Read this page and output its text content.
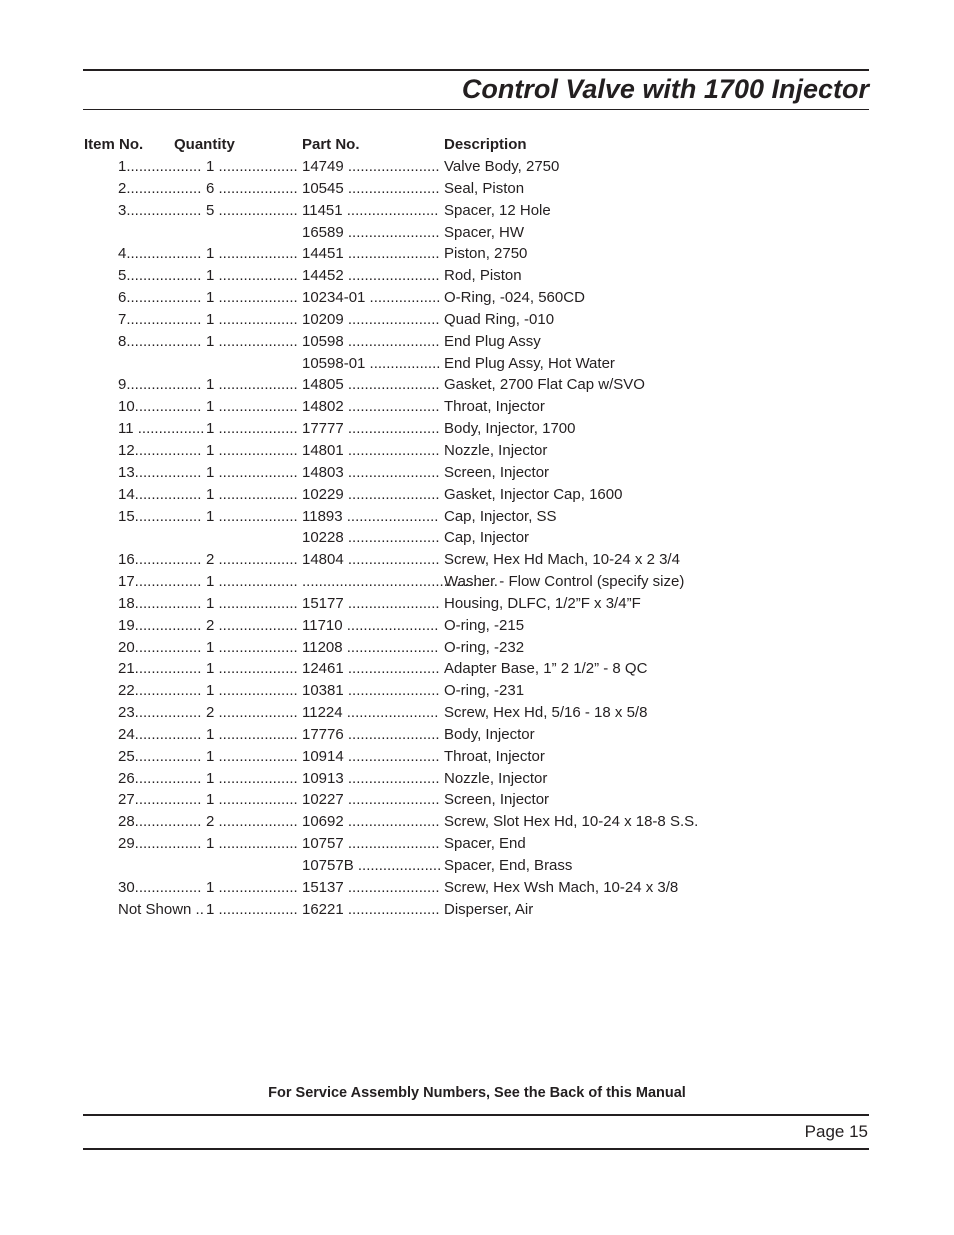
Control Valve with 1700 Injector
Item No. Quantity	Part No.	Description
1.................. 1 ................... 14749 ...................... Valve Body, 2750
2.................. 6 ................... 10545 ...................... Seal, Piston
3.................. 5 ................... 11451 ...................... Spacer, 12 Hole
16589 ...................... Spacer, HW
4.................. 1 ................... 14451 ...................... Piston, 2750
5.................. 1 ................... 14452 ...................... Rod, Piston
6.................. 1 ................... 10234-01 ................. O-Ring, -024, 560CD
7.................. 1 ................... 10209 ...................... Quad Ring, -010
8.................. 1 ................... 10598 ...................... End Plug Assy
10598-01 ................. End Plug Assy, Hot Water
9.................. 1 ................... 14805 ...................... Gasket, 2700 Flat Cap w/SVO
10................ 1 ................... 14802 ...................... Throat, Injector
11 ................ 1 ................... 17777 ...................... Body, Injector, 1700
12................ 1 ................... 14801 ...................... Nozzle, Injector
13................ 1 ................... 14803 ...................... Screen, Injector
14................ 1 ................... 10229 ...................... Gasket, Injector Cap, 1600
15................ 1 ................... 11893 ...................... Cap, Injector, SS
10228 ...................... Cap, Injector
16................ 2 ................... 14804 ...................... Screw, Hex Hd Mach, 10-24 x 2 3/4
17................ 1 ................... ...............................................
Washer - Flow Control (specify size)
18................ 1 ................... 15177 ...................... Housing, DLFC, 1/2”F x 3/4”F
19................ 2 ................... 11710 ...................... O-ring, -215
20................ 1 ................... 11208 ...................... O-ring, -232
21................ 1 ................... 12461 ...................... Adapter Base, 1” 2 1/2” - 8 QC
22................ 1 ................... 10381 ...................... O-ring, -231
23................ 2 ................... 11224 ...................... Screw, Hex Hd, 5/16 - 18 x 5/8
24................ 1 ................... 17776 ...................... Body, Injector
25................ 1 ................... 10914 ...................... Throat, Injector
26................ 1 ................... 10913 ...................... Nozzle, Injector
27................ 1 ................... 10227 ...................... Screen, Injector
28................ 2 ................... 10692 ...................... Screw, Slot Hex Hd, 10-24 x 18-8 S.S.
29................ 1 ................... 10757 ...................... Spacer, End
10757B .................... Spacer, End, Brass
30................ 1 ................... 15137 ...................... Screw, Hex Wsh Mach, 10-24 x 3/8
Not Shown .. 1 ................... 16221 ...................... Disperser, Air
For Service Assembly Numbers, See the Back of this Manual
Page 15
